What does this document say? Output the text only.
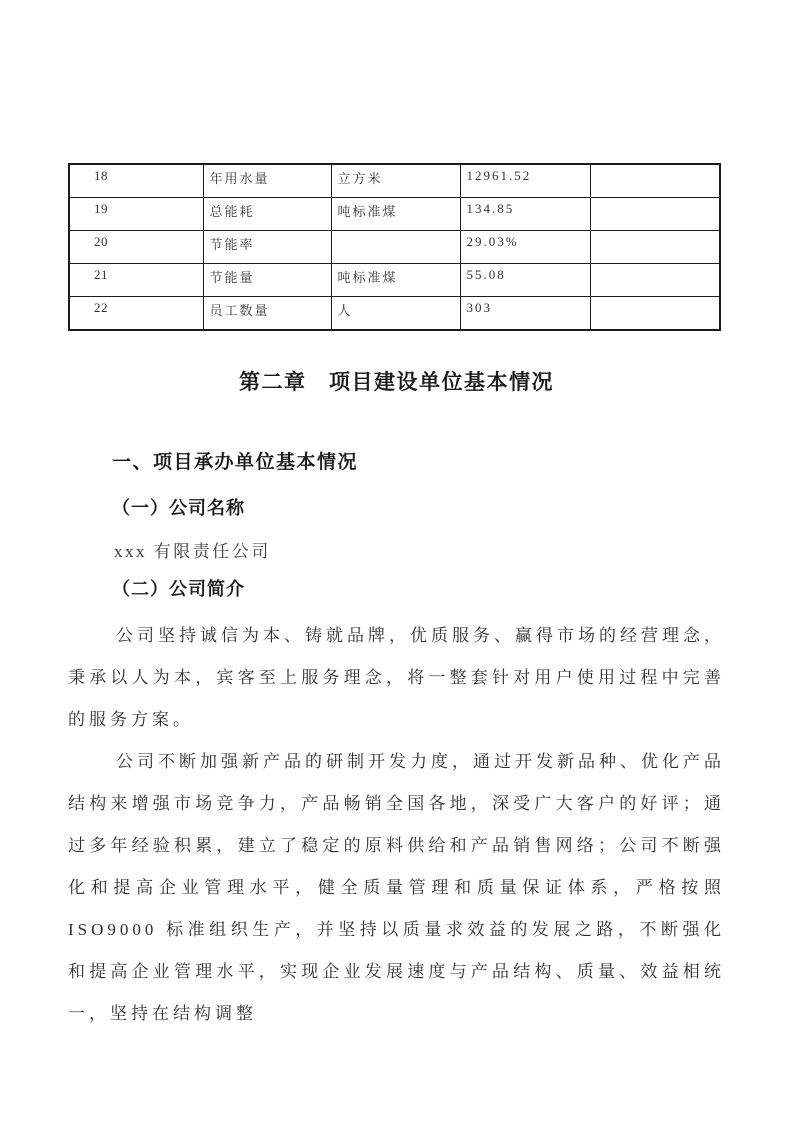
18	年用水量	立方米	12961.52	
19	总能耗	吨标准煤	134.85	
20	节能率		29.03%	
21	节能量	吨标准煤	55.08	
22	员工数量	人	303	
第二章　项目建设单位基本情况
一、项目承办单位基本情况
（一）公司名称
xxx 有限责任公司
（二）公司简介

公司坚持诚信为本、铸就品牌，优质服务、赢得市场的经营理念，秉承以人为本，宾客至上服务理念，将一整套针对用户使用过程中完善的服务方案。

公司不断加强新产品的研制开发力度，通过开发新品种、优化产品结构来增强市场竞争力，产品畅销全国各地，深受广大客户的好评；通过多年经验积累，建立了稳定的原料供给和产品销售网络；公司不断强化和提高企业管理水平，健全质量管理和质量保证体系，严格按照 ISO9000 标准组织生产，并坚持以质量求效益的发展之路，不断强化和提高企业管理水平，实现企业发展速度与产品结构、质量、效益相统一，坚持在结构调整
